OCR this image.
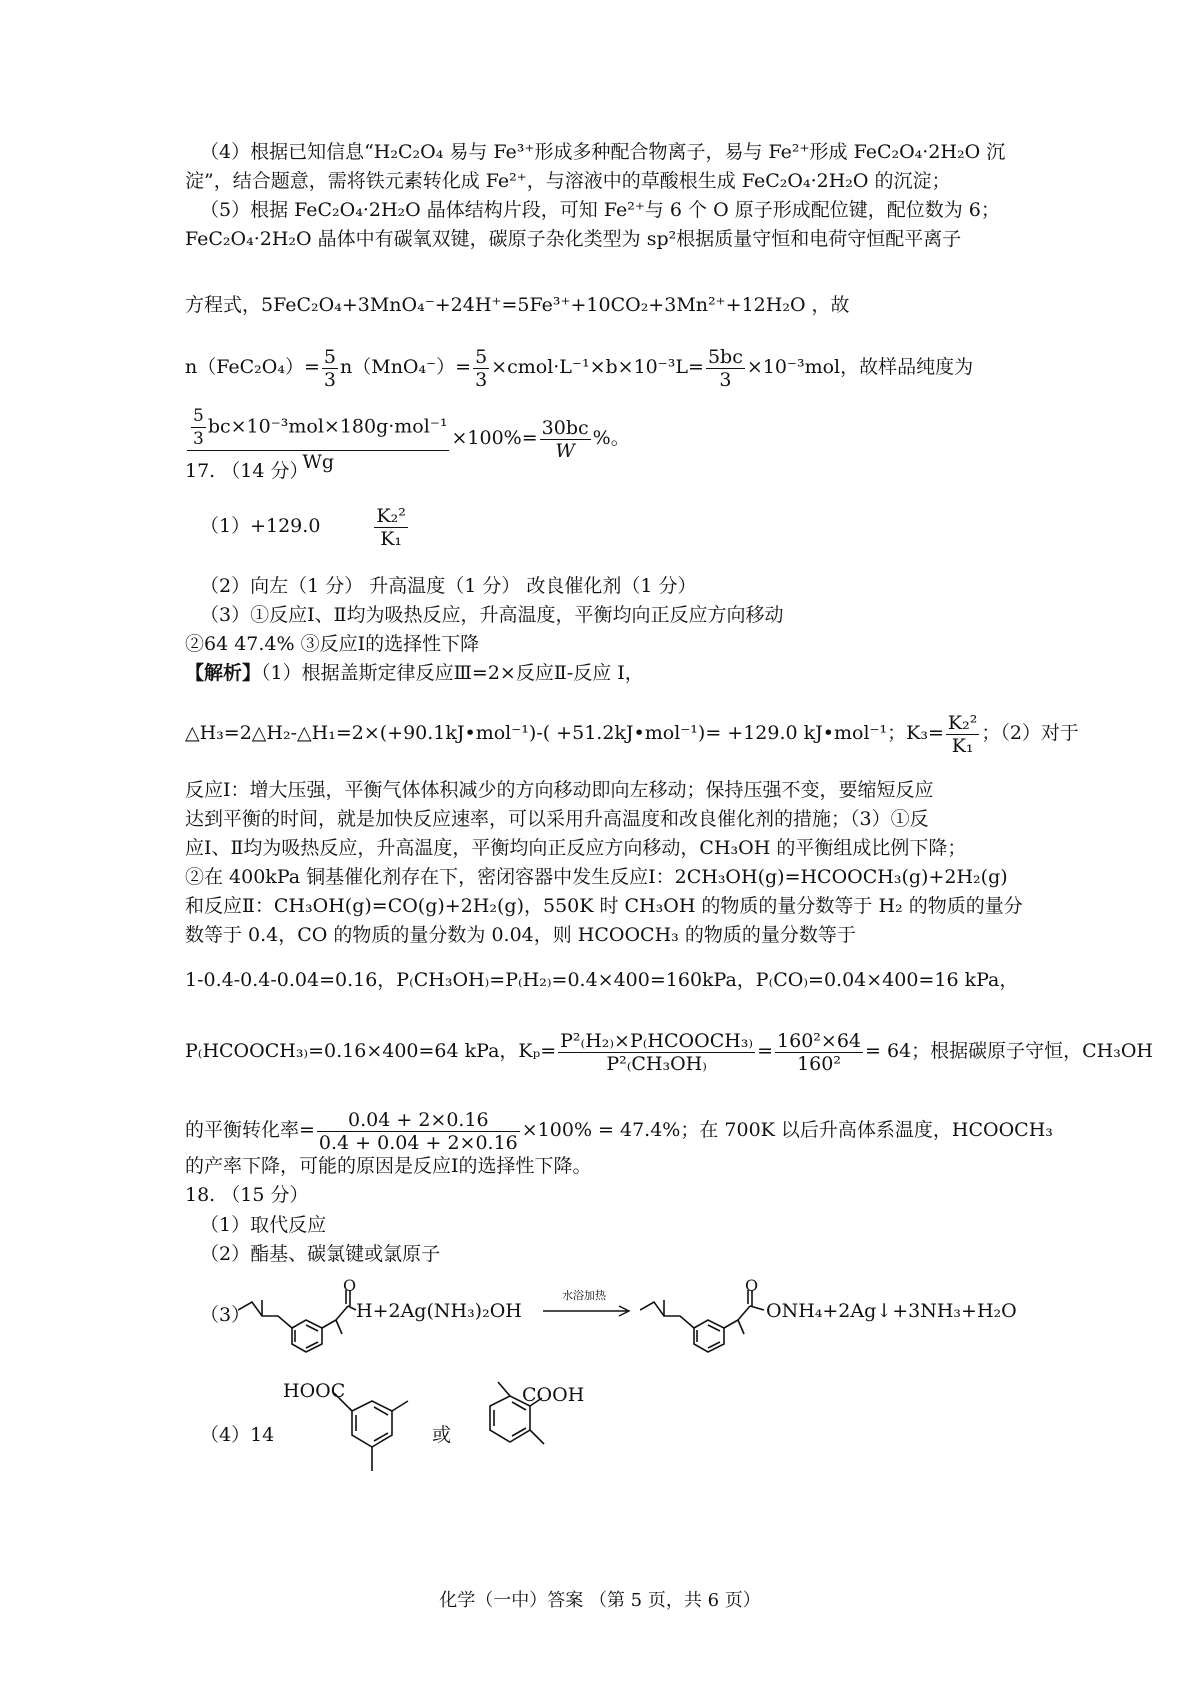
（4）根据已知信息“H₂C₂O₄ 易与 Fe³⁺形成多种配合物离子，易与 Fe²⁺形成 FeC₂O₄·2H₂O 沉
淀”，结合题意，需将铁元素转化成 Fe²⁺，与溶液中的草酸根生成 FeC₂O₄·2H₂O 的沉淀；
（5）根据 FeC₂O₄·2H₂O 晶体结构片段，可知 Fe²⁺与 6 个 O 原子形成配位键，配位数为 6；
FeC₂O₄·2H₂O 晶体中有碳氧双键，碳原子杂化类型为 sp²根据质量守恒和电荷守恒配平离子
方程式，5FeC₂O₄+3MnO₄⁻+24H⁺=5Fe³⁺+10CO₂+3Mn²⁺+12H₂O ，故
$n(FeC_2O_4)= \frac{5}{3} n(MnO_4^-)= \frac{5}{3}$ ×cmol·L⁻¹×b×10⁻³L= $\frac{5bc}{3} \times 10^{-3}mol$，故样品纯度为
$\frac{\frac{5}{3} bc\times 10^{-3}mol\times 180g\cdot mol^{-1}}{Wg} \times 100\%= \frac{30bc}{W}$ %。
17. （14 分）
（1）+129.0	$\frac{\text{K₂²}}{\text{K₁}}$
（2）向左（1 分） 升高温度（1 分） 改良催化剂（1 分）
（3）①反应Ⅰ、Ⅱ均为吸热反应，升高温度，平衡均向正反应方向移动
②64 47.4% ③反应Ⅰ的选择性下降
【解析】（1）根据盖斯定律反应Ⅲ=2×反应Ⅱ-反应 I，
△H₃=2△H₂-△H₁=2×(+90.1kJ•mol⁻¹)-( +51.2kJ•mol⁻¹)= +129.0 kJ•mol⁻¹；$K_3= \frac{\text{K₂²}}{\text{K₁}}$ ；（2）对于
反应Ⅰ：增大压强，平衡气体体积减少的方向移动即向左移动；保持压强不变，要缩短反应
达到平衡的时间，就是加快反应速率，可以采用升高温度和改良催化剂的措施；（3）①反
应Ⅰ、Ⅱ均为吸热反应，升高温度，平衡均向正反应方向移动，CH₃OH 的平衡组成比例下降；
②在 400kPa 铜基催化剂存在下，密闭容器中发生反应Ⅰ：2CH₃OH(g)=HCOOCH₃(g)+2H₂(g)
和反应Ⅱ：CH₃OH(g)=CO(g)+2H₂(g)，550K 时 CH₃OH 的物质的量分数等于 H₂ 的物质的量分
数等于 0.4，CO 的物质的量分数为 0.04，则 HCOOCH₃ 的物质的量分数等于
1-0.4-0.4-0.04=0.16，P₍CH₃OH₎=P₍H₂₎=0.4×400=160kPa，P₍CO₎=0.04×400=16 kPa，
P₍HCOOCH₃₎=0.16×400=64 kPa，$K_p= \frac{\text{P²₍H₂₎×P₍HCOOCH₃₎}}{\text{P²₍CH₃OH₎}} = \frac{\text{160²×64}}{\text{160²}} = 64$；根据碳原子守恒，CH₃OH
的平衡转化率= $\frac{0.04 + 2\times 0.16}{0.4 + 0.04 + 2\times 0.16} \times 100\% = 47.4\%$；在 700K 以后升高体系温度，HCOOCH₃
的产率下降，可能的原因是反应Ⅰ的选择性下降。
18. （15 分）
（1）取代反应
（2）酯基、碳氯键或氯原子
（3）
O
H+2Ag(NH₃)₂OH
水浴加热
O
ONH₄+2Ag↓+3NH₃+H₂O
（4）14
HOOC
或
COOH
化学（一中）答案 （第 5 页，共 6 页）
